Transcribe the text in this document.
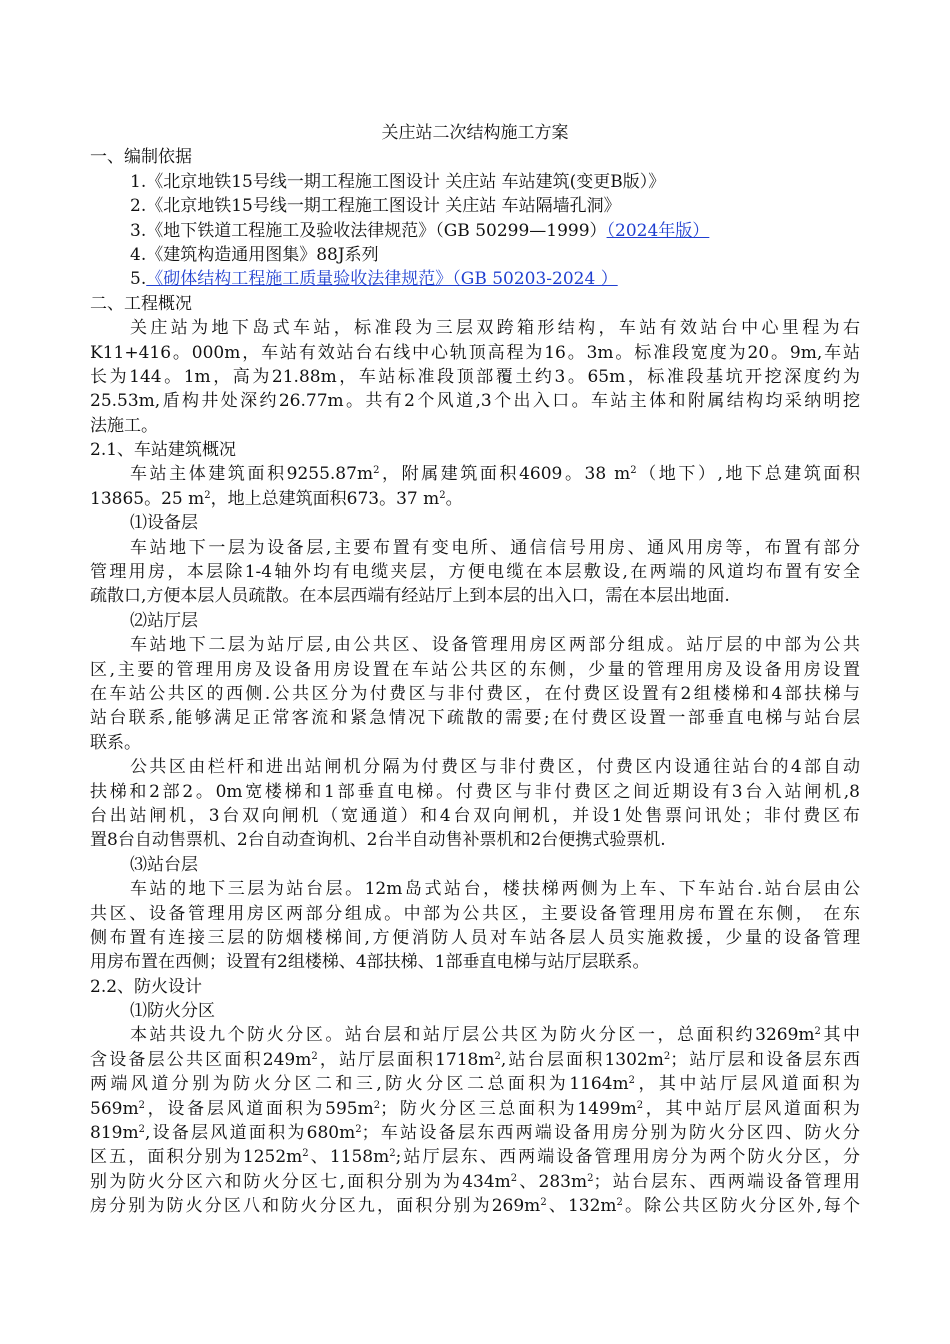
关庄站二次结构施工方案
一、编制依据
1.《北京地铁15号线一期工程施工图设计 关庄站 车站建筑(变更B版）》
2.《北京地铁15号线一期工程施工图设计 关庄站 车站隔墙孔洞》
3.《地下铁道工程施工及验收法律规范》（GB 50299—1999）（2024年版）
4.《建筑构造通用图集》88J系列
5.《砌体结构工程施工质量验收法律规范》（GB 50203-2024 ）
二、工程概况
关庄站为地下岛式车站，标准段为三层双跨箱形结构，车站有效站台中心里程为右
K11+416。000m，车站有效站台右线中心轨顶高程为16。3m。标准段宽度为20。9m,车站
长为144。1m，高为21.88m，车站标准段顶部覆土约3。65m，标准段基坑开挖深度约为
25.53m,盾构井处深约26.77m。共有2个风道,3个出入口。车站主体和附属结构均采纳明挖
法施工。
2.1、车站建筑概况
车站主体建筑面积$9255.87m^2$，附属建筑面积4609。38 $m^2$（地下）,地下总建筑面积
13865。25 $m^2$，地上总建筑面积673。37 $m^2$。
⑴设备层
车站地下一层为设备层,主要布置有变电所、通信信号用房、通风用房等，布置有部分
管理用房，本层除1-4轴外均有电缆夹层，方便电缆在本层敷设,在两端的风道均布置有安全
疏散口,方便本层人员疏散。在本层西端有经站厅上到本层的出入口，需在本层出地面.
⑵站厅层
车站地下二层为站厅层,由公共区、设备管理用房区两部分组成。站厅层的中部为公共
区,主要的管理用房及设备用房设置在车站公共区的东侧，少量的管理用房及设备用房设置
在车站公共区的西侧.公共区分为付费区与非付费区，在付费区设置有2组楼梯和4部扶梯与
站台联系,能够满足正常客流和紧急情况下疏散的需要;在付费区设置一部垂直电梯与站台层
联系。
公共区由栏杆和进出站闸机分隔为付费区与非付费区，付费区内设通往站台的4部自动
扶梯和2部2。0m宽楼梯和1部垂直电梯。付费区与非付费区之间近期设有3台入站闸机,8
台出站闸机，3台双向闸机（宽通道）和4台双向闸机，并设1处售票问讯处；非付费区布
置8台自动售票机、2台自动查询机、2台半自动售补票机和2台便携式验票机.
⑶站台层
车站的地下三层为站台层。12m岛式站台，楼扶梯两侧为上车、下车站台.站台层由公
共区、设备管理用房区两部分组成。中部为公共区，主要设备管理用房布置在东侧， 在东
侧布置有连接三层的防烟楼梯间,方便消防人员对车站各层人员实施救援，少量的设备管理
用房布置在西侧；设置有2组楼梯、4部扶梯、1部垂直电梯与站厅层联系。
2.2、防火设计
⑴防火分区
本站共设九个防火分区。站台层和站厅层公共区为防火分区一，总面积约$3269m^2$其中
含设备层公共区面积$249m^2$，站厅层面积$1718m^2$,站台层面积$1302m^2$；站厅层和设备层东西
两端风道分别为防火分区二和三,防火分区二总面积为$1164m^2$，其中站厅层风道面积为
$569m^2$，设备层风道面积为$595m^2$；防火分区三总面积为$1499m^2$，其中站厅层风道面积为
$819m^2$,设备层风道面积为$680m^2$；车站设备层东西两端设备用房分别为防火分区四、防火分
区五，面积分别为$1252m^2$、$1158m^2$;站厅层东、西两端设备管理用房分为两个防火分区，分
别为防火分区六和防火分区七,面积分别为为$434m^2$、$283m^2$；站台层东、西两端设备管理用
房分别为防火分区八和防火分区九，面积分别为$269m^2$、$132m^2$。除公共区防火分区外,每个
